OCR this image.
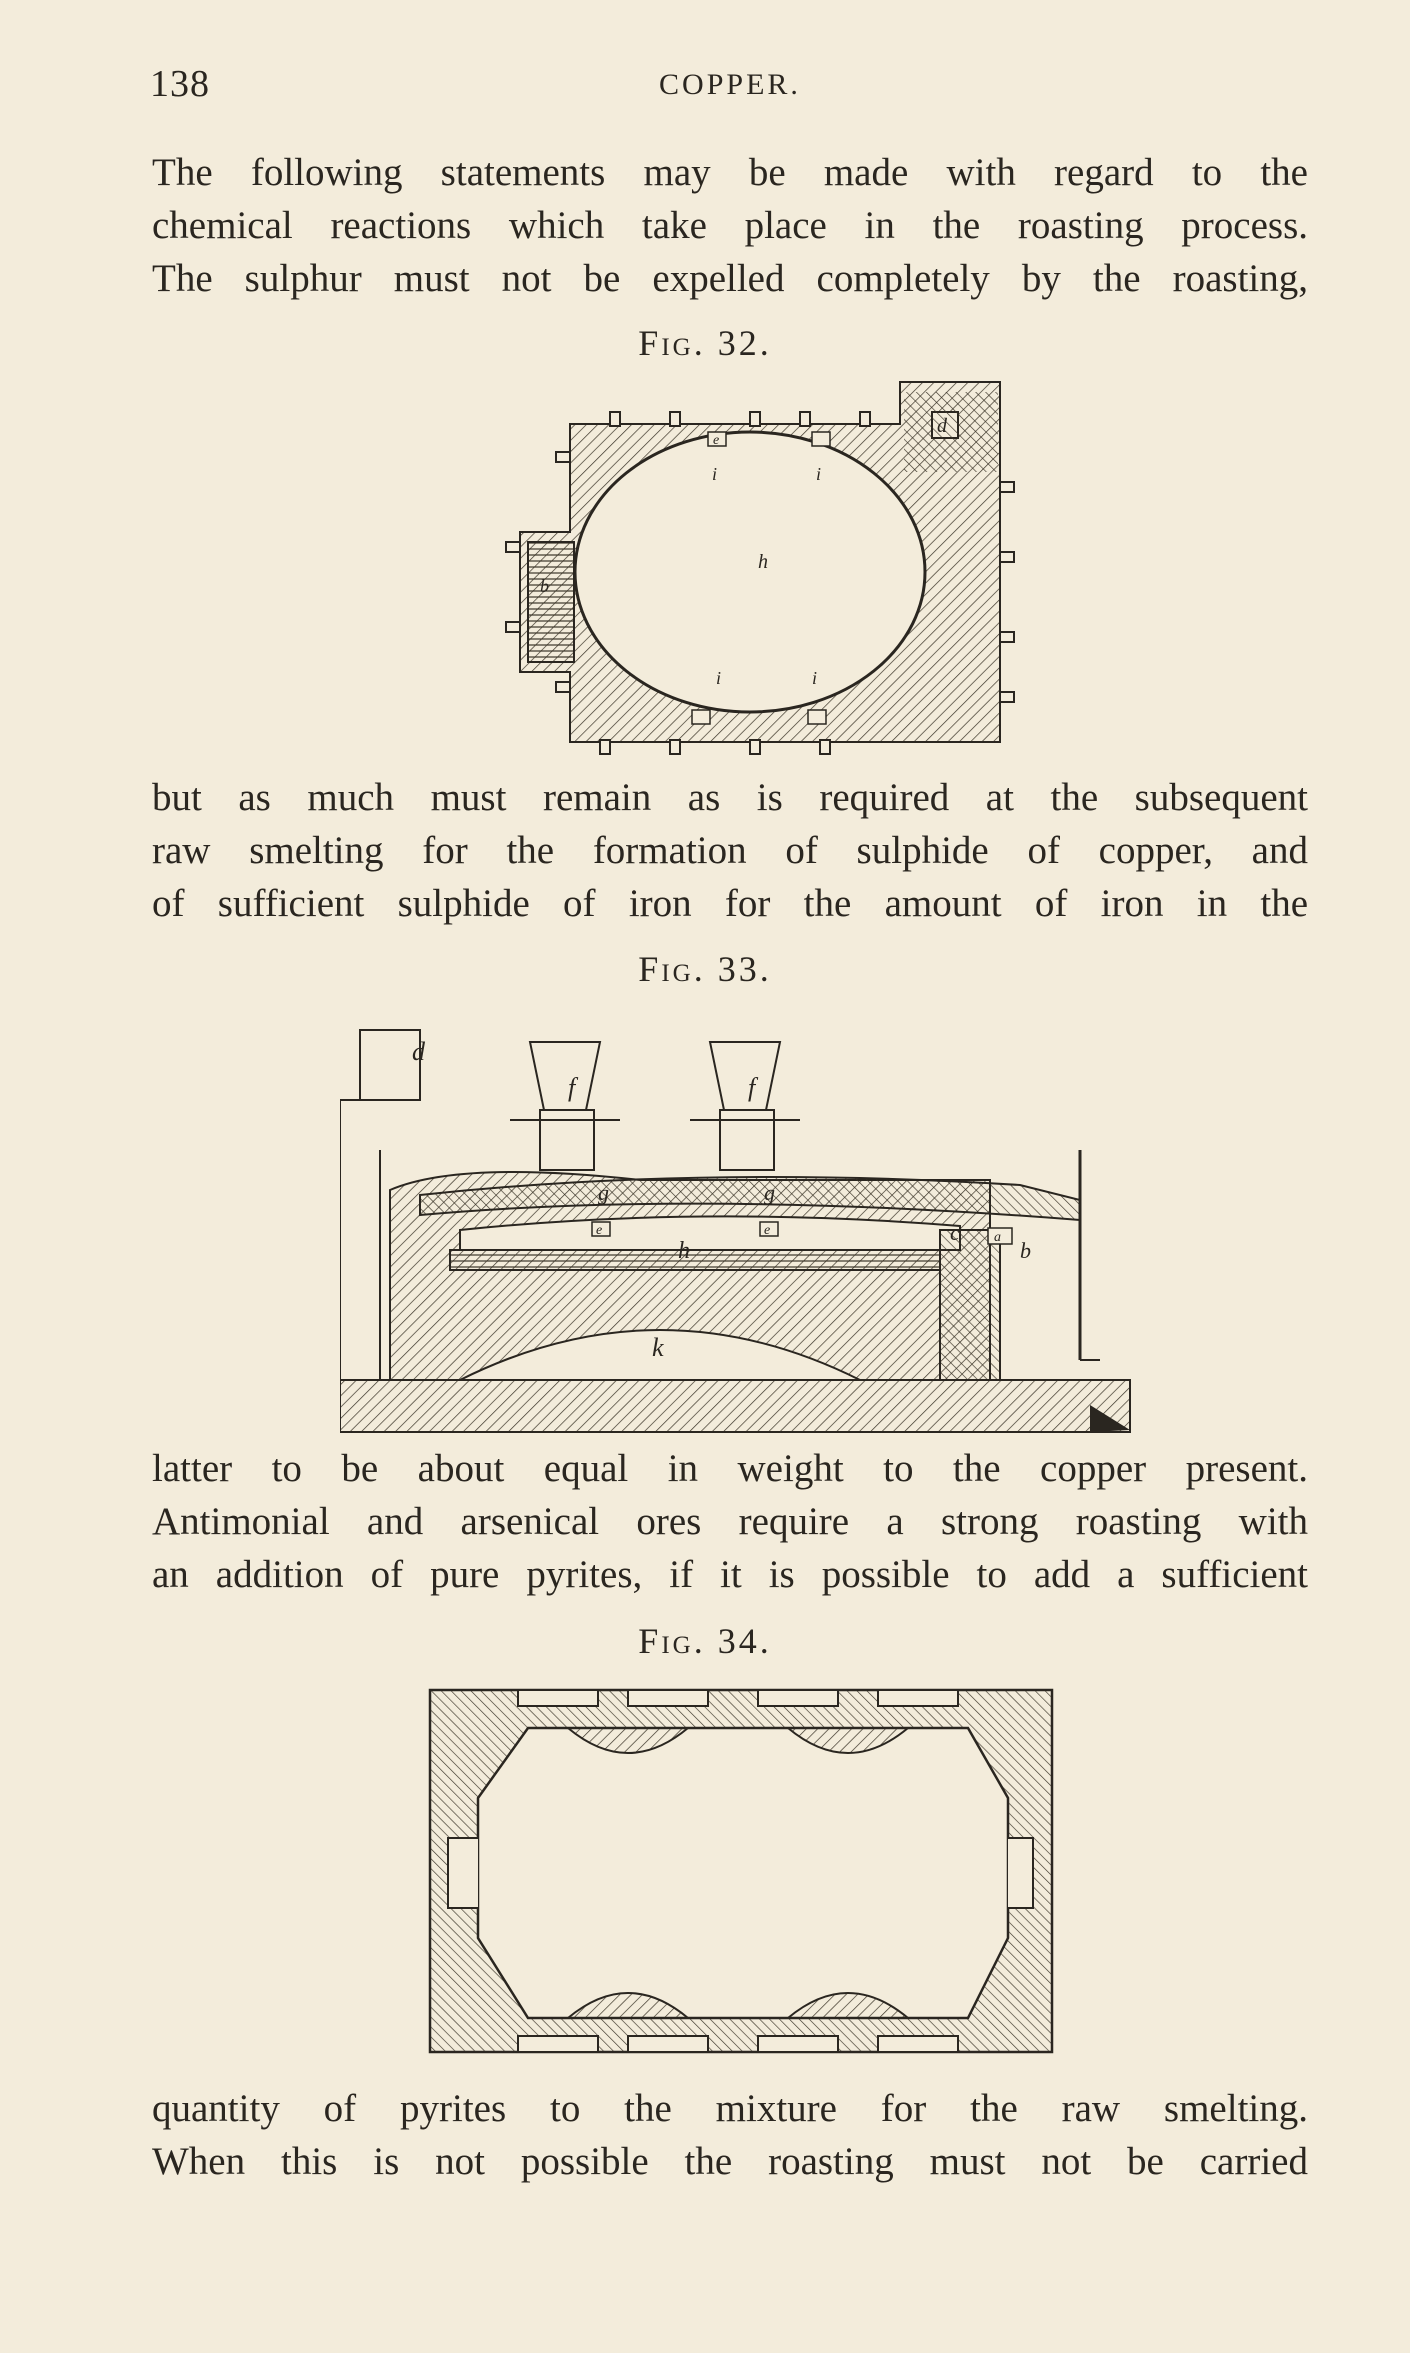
138	COPPER.
The following statements may be made with regard to the
chemical reactions which take place in the roasting process.
The sulphur must not be expelled completely by the roasting,
Fig. 32.
d
e
i	i
h
b
i	i
but as much must remain as is required at the subsequent
raw smelting for the formation of sulphide of copper, and
of sufficient sulphide of iron for the amount of iron in the
Fig. 33.
d
f	f
g	g
e	e
h
c a
b
k
latter to be about equal in weight to the copper present.
Antimonial and arsenical ores require a strong roasting with
an addition of pure pyrites, if it is possible to add a sufficient
Fig. 34.
quantity of pyrites to the mixture for the raw smelting.
When this is not possible the roasting must not be carried
